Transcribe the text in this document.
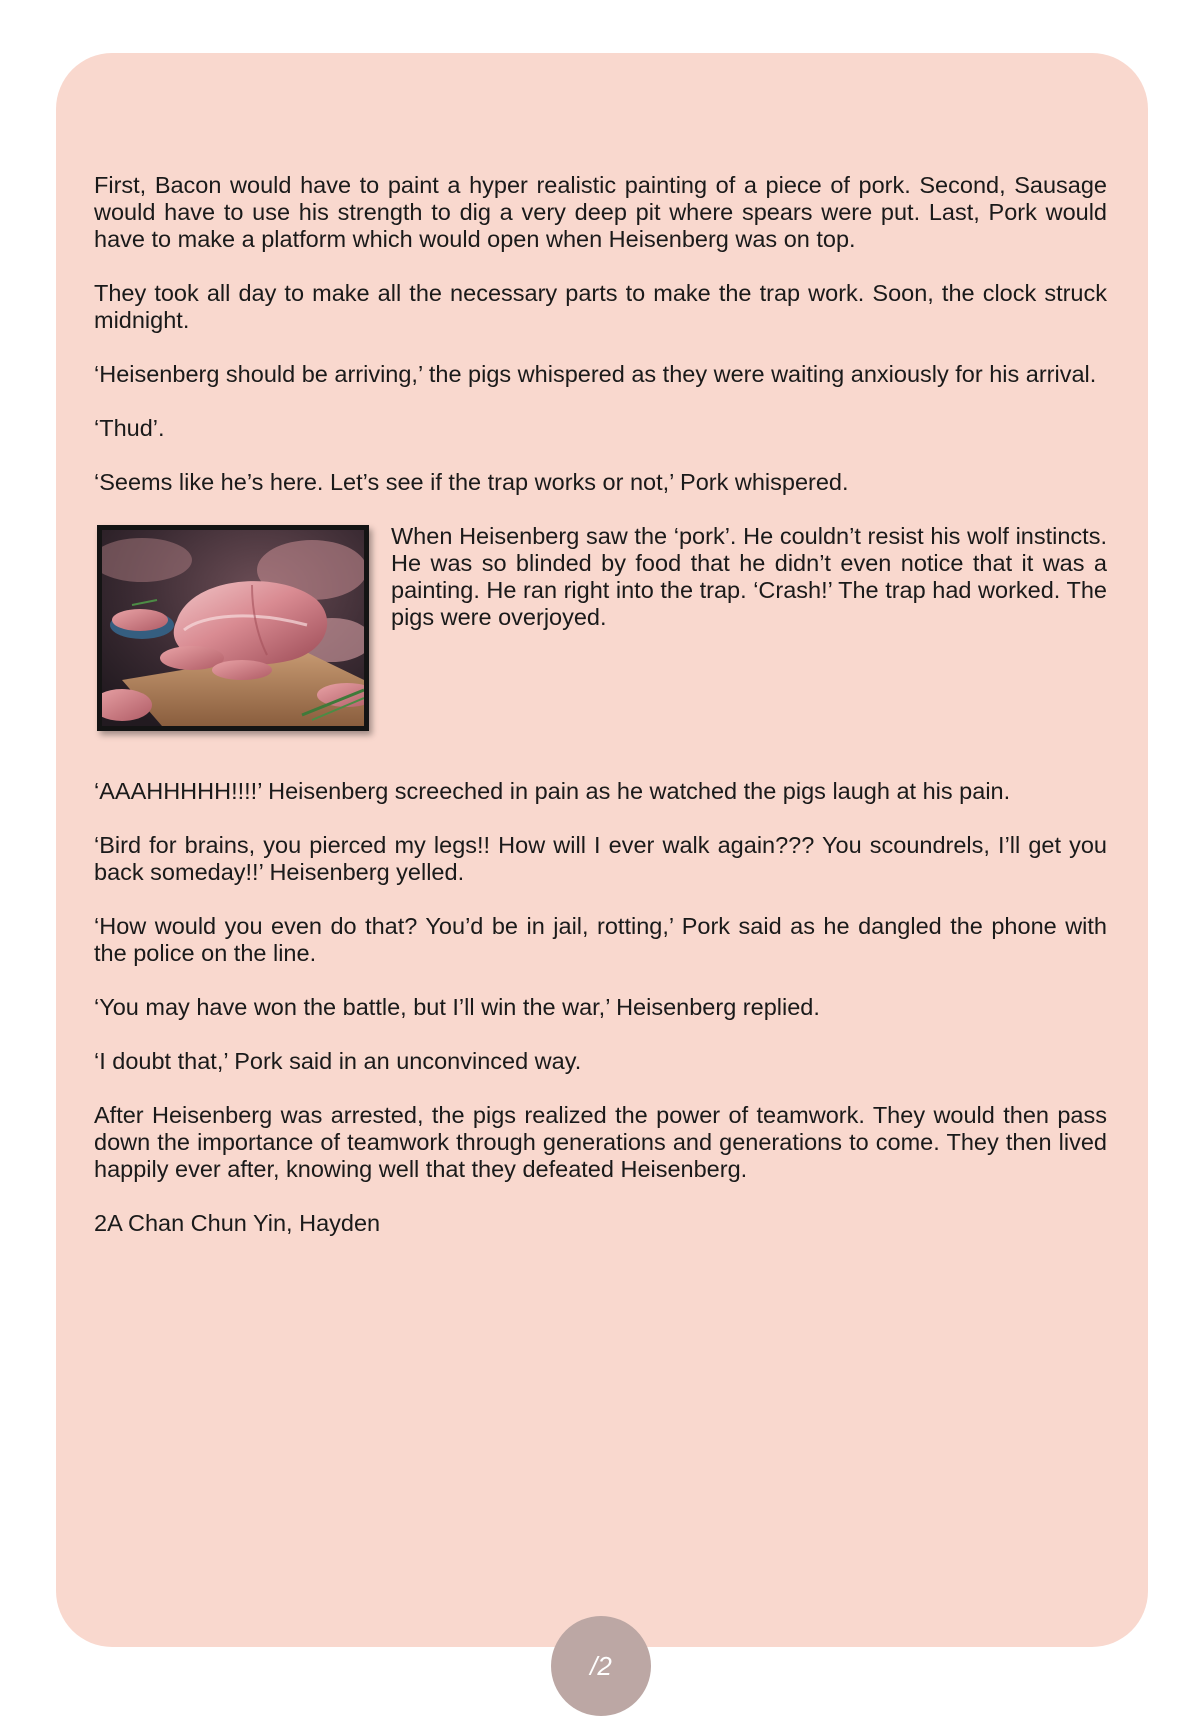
First, Bacon would have to paint a hyper realistic painting of a piece of pork. Second, Sausage would have to use his strength to dig a very deep pit where spears were put. Last, Pork would have to make a platform which would open when Heisenberg was on top.

They took all day to make all the necessary parts to make the trap work. Soon, the clock struck midnight.

‘Heisenberg should be arriving,’ the pigs whispered as they were waiting anxiously for his arrival.

‘Thud’.

‘Seems like he’s here. Let’s see if the trap works or not,’ Pork whispered.

When Heisenberg saw the ‘pork’. He couldn’t resist his wolf instincts. He was so blinded by food that he didn’t even notice that it was a painting. He ran right into the trap. ‘Crash!’ The trap had worked. The pigs were overjoyed.

‘AAAHHHHH!!!!’ Heisenberg screeched in pain as he watched the pigs laugh at his pain.

‘Bird for brains, you pierced my legs!! How will I ever walk again??? You scoundrels, I’ll get you back someday!!’ Heisenberg yelled.

‘How would you even do that? You’d be in jail, rotting,’ Pork said as he dangled the phone with the police on the line.

‘You may have won the battle, but I’ll win the war,’ Heisenberg replied.

‘I doubt that,’ Pork said in an unconvinced way.

After Heisenberg was arrested, the pigs realized the power of teamwork. They would then pass down the importance of teamwork through generations and generations to come. They then lived happily ever after, knowing well that they defeated Heisenberg.

2A Chan Chun Yin, Hayden

/2
